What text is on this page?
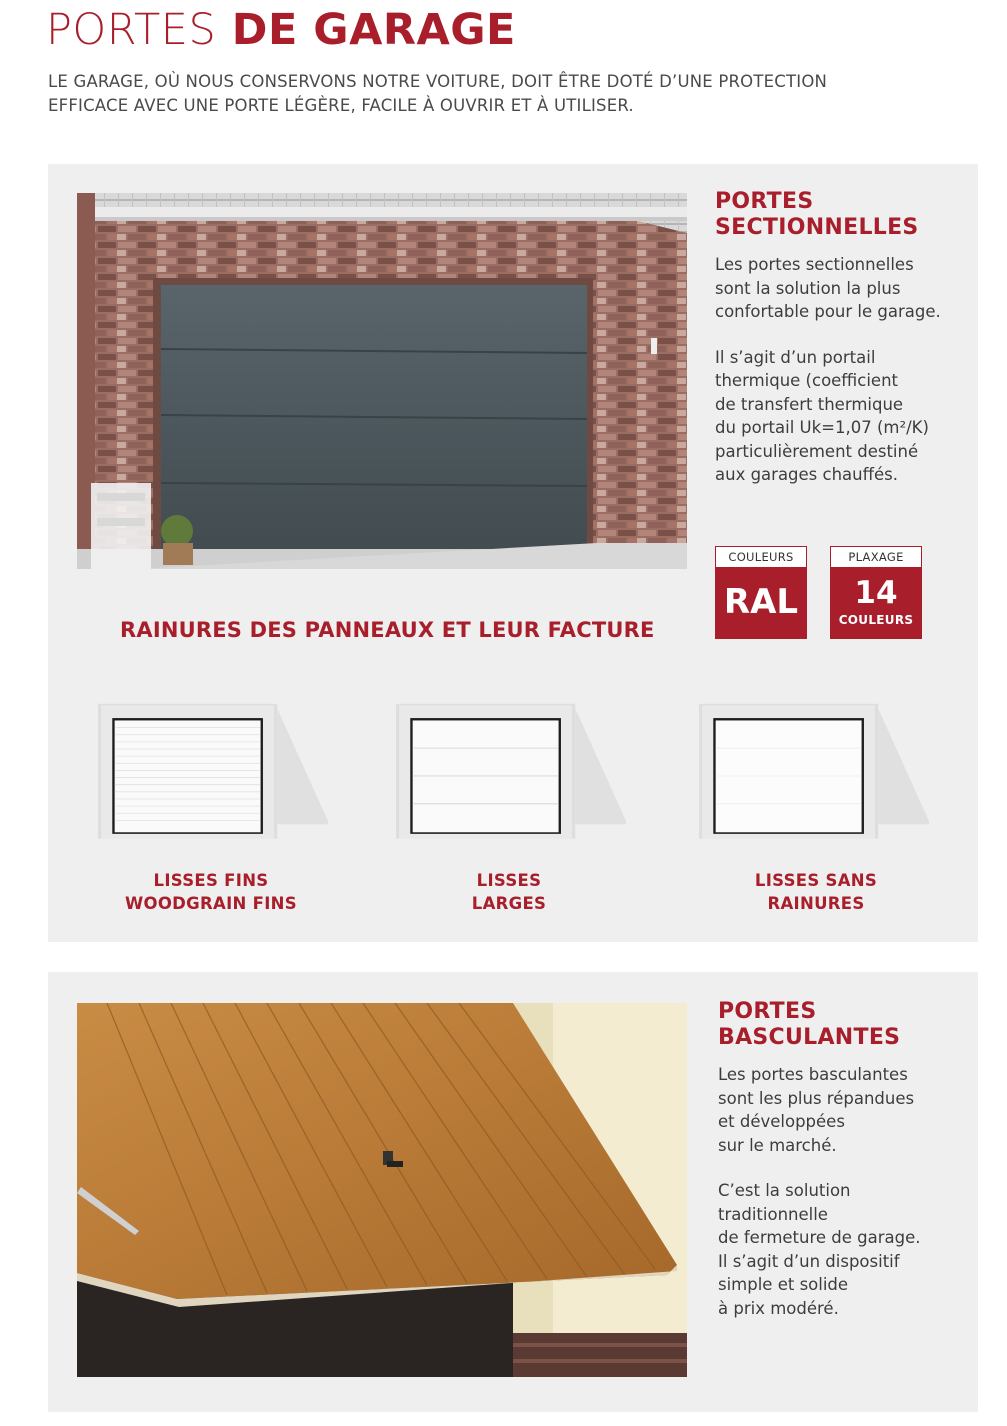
PORTES DE GARAGE

LE GARAGE, OÙ NOUS CONSERVONS NOTRE VOITURE, DOIT ÊTRE DOTÉ D’UNE PROTECTION
EFFICACE AVEC UNE PORTE LÉGÈRE, FACILE À OUVRIR ET À UTILISER.

PORTES
SECTIONNELLES

Les portes sectionnelles
sont la solution la plus
confortable pour le garage.

Il s’agit d’un portail
thermique (coefficient
de transfert thermique
du portail Uk=1,07 (m²/K)
particulièrement destiné
aux garages chauffés.

COULEURS
RAL
PLAXAGE
14
COULEURS
RAINURES DES PANNEAUX ET LEUR FACTURE

LISSES FINS
WOODGRAIN FINS

LISSES
LARGES

LISSES SANS
RAINURES

PORTES
BASCULANTES

Les portes basculantes
sont les plus répandues
et développées
sur le marché.

C’est la solution
traditionnelle
de fermeture de garage.
Il s’agit d’un dispositif
simple et solide
à prix modéré.
